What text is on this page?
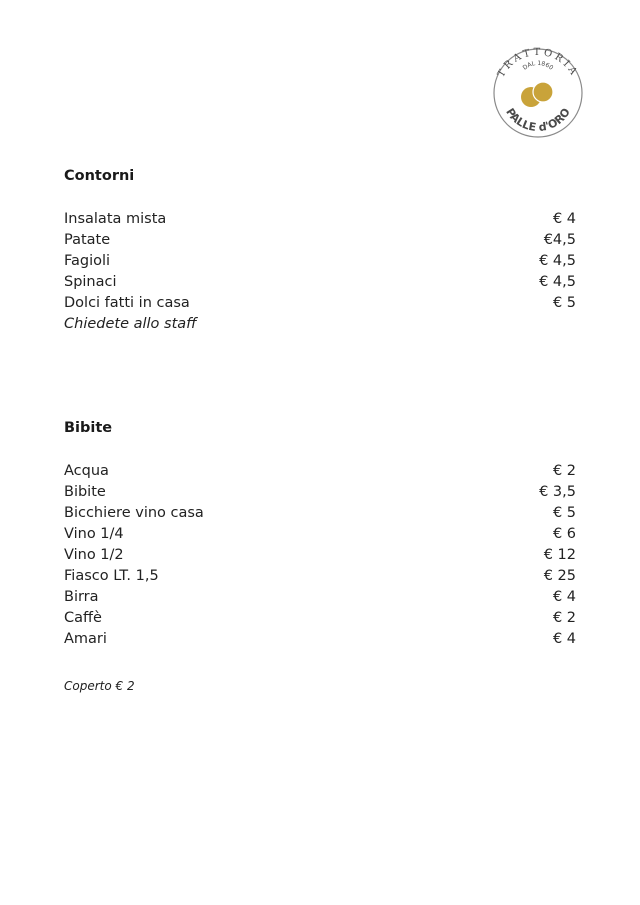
TRATTORIA
DAL 1860
PALLE d'ORO
Contorni
Insalata mista	€ 4
Patate	€4,5
Fagioli	€ 4,5
Spinaci	€ 4,5
Dolci fatti in casa	€ 5
Chiedete allo staff
Bibite
Acqua	€ 2
Bibite	€ 3,5
Bicchiere vino casa	€ 5
Vino 1/4	€ 6
Vino 1/2	€ 12
Fiasco LT. 1,5	€ 25
Birra	€ 4
Caffè	€ 2
Amari	€ 4
Coperto € 2
